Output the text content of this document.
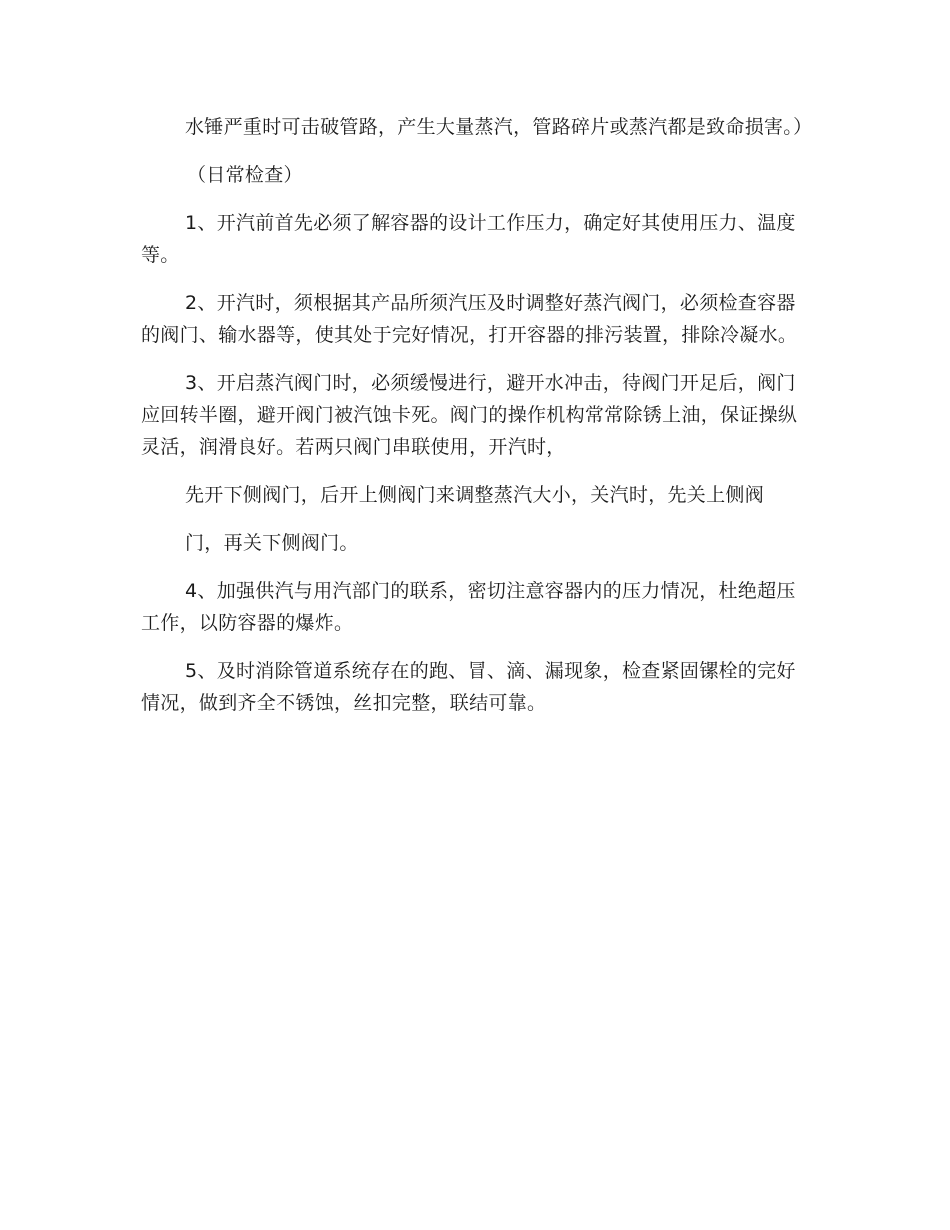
水锤严重时可击破管路，产生大量蒸汽，管路碎片或蒸汽都是致命损害。）

（日常检查）

1、开汽前首先必须了解容器的设计工作压力，确定好其使用压力、温度等。

2、开汽时，须根据其产品所须汽压及时调整好蒸汽阀门，必须检查容器的阀门、输水器等，使其处于完好情况，打开容器的排污装置，排除冷凝水。

3、开启蒸汽阀门时，必须缓慢进行，避开水冲击，待阀门开足后，阀门应回转半圈，避开阀门被汽蚀卡死。阀门的操作机构常常除锈上油，保证操纵灵活，润滑良好。若两只阀门串联使用，开汽时，

先开下侧阀门，后开上侧阀门来调整蒸汽大小，关汽时，先关上侧阀

门，再关下侧阀门。

4、加强供汽与用汽部门的联系，密切注意容器内的压力情况，杜绝超压工作，以防容器的爆炸。

5、及时消除管道系统存在的跑、冒、滴、漏现象，检查紧固镙栓的完好情况，做到齐全不锈蚀，丝扣完整，联结可靠。
